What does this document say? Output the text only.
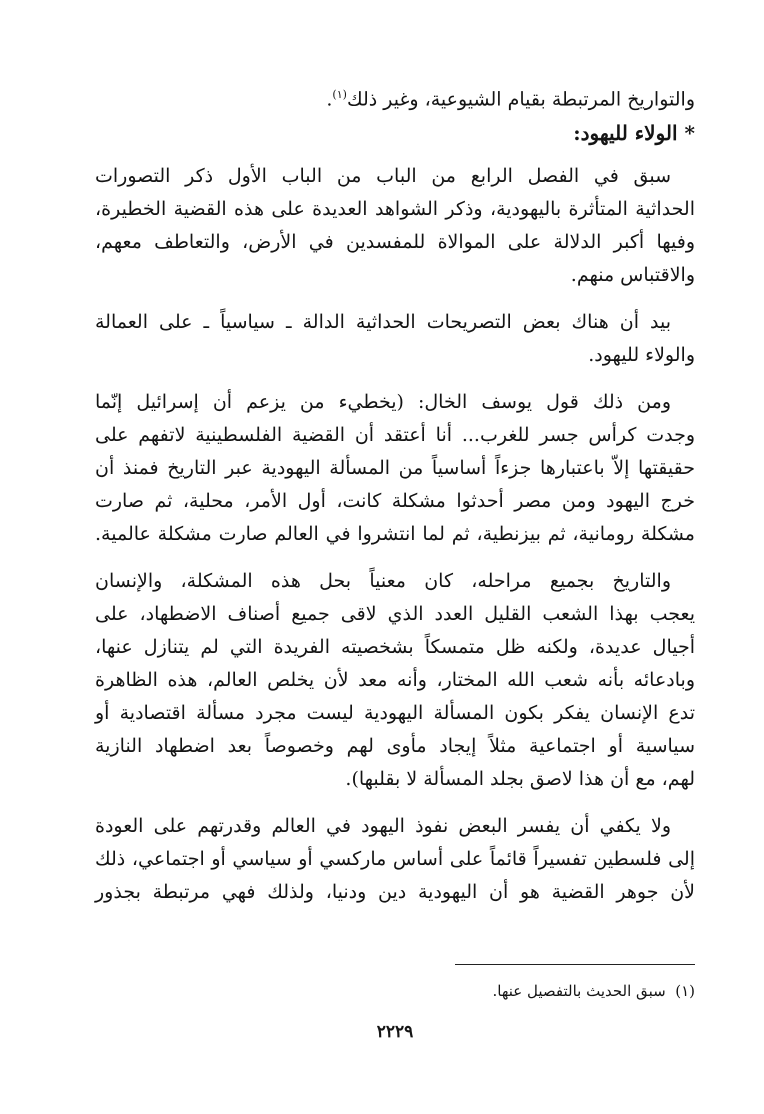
والتواريخ المرتبطة بقيام الشيوعية، وغير ذلك$^{(١)}$.
* الولاء لليهود:
سبق في الفصل الرابع من الباب من الباب الأول ذكر التصورات
الحداثية المتأثرة باليهودية، وذكر الشواهد العديدة على هذه القضية الخطيرة،
وفيها أكبر الدلالة على الموالاة للمفسدين في الأرض، والتعاطف معهم،
والاقتباس منهم.
بيد أن هناك بعض التصريحات الحداثية الدالة ـ سياسياً ـ على العمالة
والولاء لليهود.
ومن ذلك قول يوسف الخال: (يخطيء من يزعم أن إسرائيل إنّما
وجدت كرأس جسر للغرب... أنا أعتقد أن القضية الفلسطينية لاتفهم على
حقيقتها إلاّ باعتبارها جزءاً أساسياً من المسألة اليهودية عبر التاريخ فمنذ أن
خرج اليهود ومن مصر أحدثوا مشكلة كانت، أول الأمر، محلية، ثم صارت
مشكلة رومانية، ثم بيزنطية، ثم لما انتشروا في العالم صارت مشكلة عالمية.
والتاريخ بجميع مراحله، كان معنياً بحل هذه المشكلة، والإنسان
يعجب بهذا الشعب القليل العدد الذي لاقى جميع أصناف الاضطهاد، على
أجيال عديدة، ولكنه ظل متمسكاً بشخصيته الفريدة التي لم يتنازل عنها،
وبادعائه بأنه شعب الله المختار، وأنه معد لأن يخلص العالم، هذه الظاهرة
تدع الإنسان يفكر بكون المسألة اليهودية ليست مجرد مسألة اقتصادية أو
سياسية أو اجتماعية مثلاً إيجاد مأوى لهم وخصوصاً بعد اضطهاد النازية
لهم، مع أن هذا لاصق بجلد المسألة لا بقلبها).
ولا يكفي أن يفسر البعض نفوذ اليهود في العالم وقدرتهم على العودة
إلى فلسطين تفسيراً قائماً على أساس ماركسي أو سياسي أو اجتماعي، ذلك
لأن جوهر القضية هو أن اليهودية دين ودنيا، ولذلك فهي مرتبطة بجذور
(١)  سبق الحديث بالتفصيل عنها.
٢٢٢٩
